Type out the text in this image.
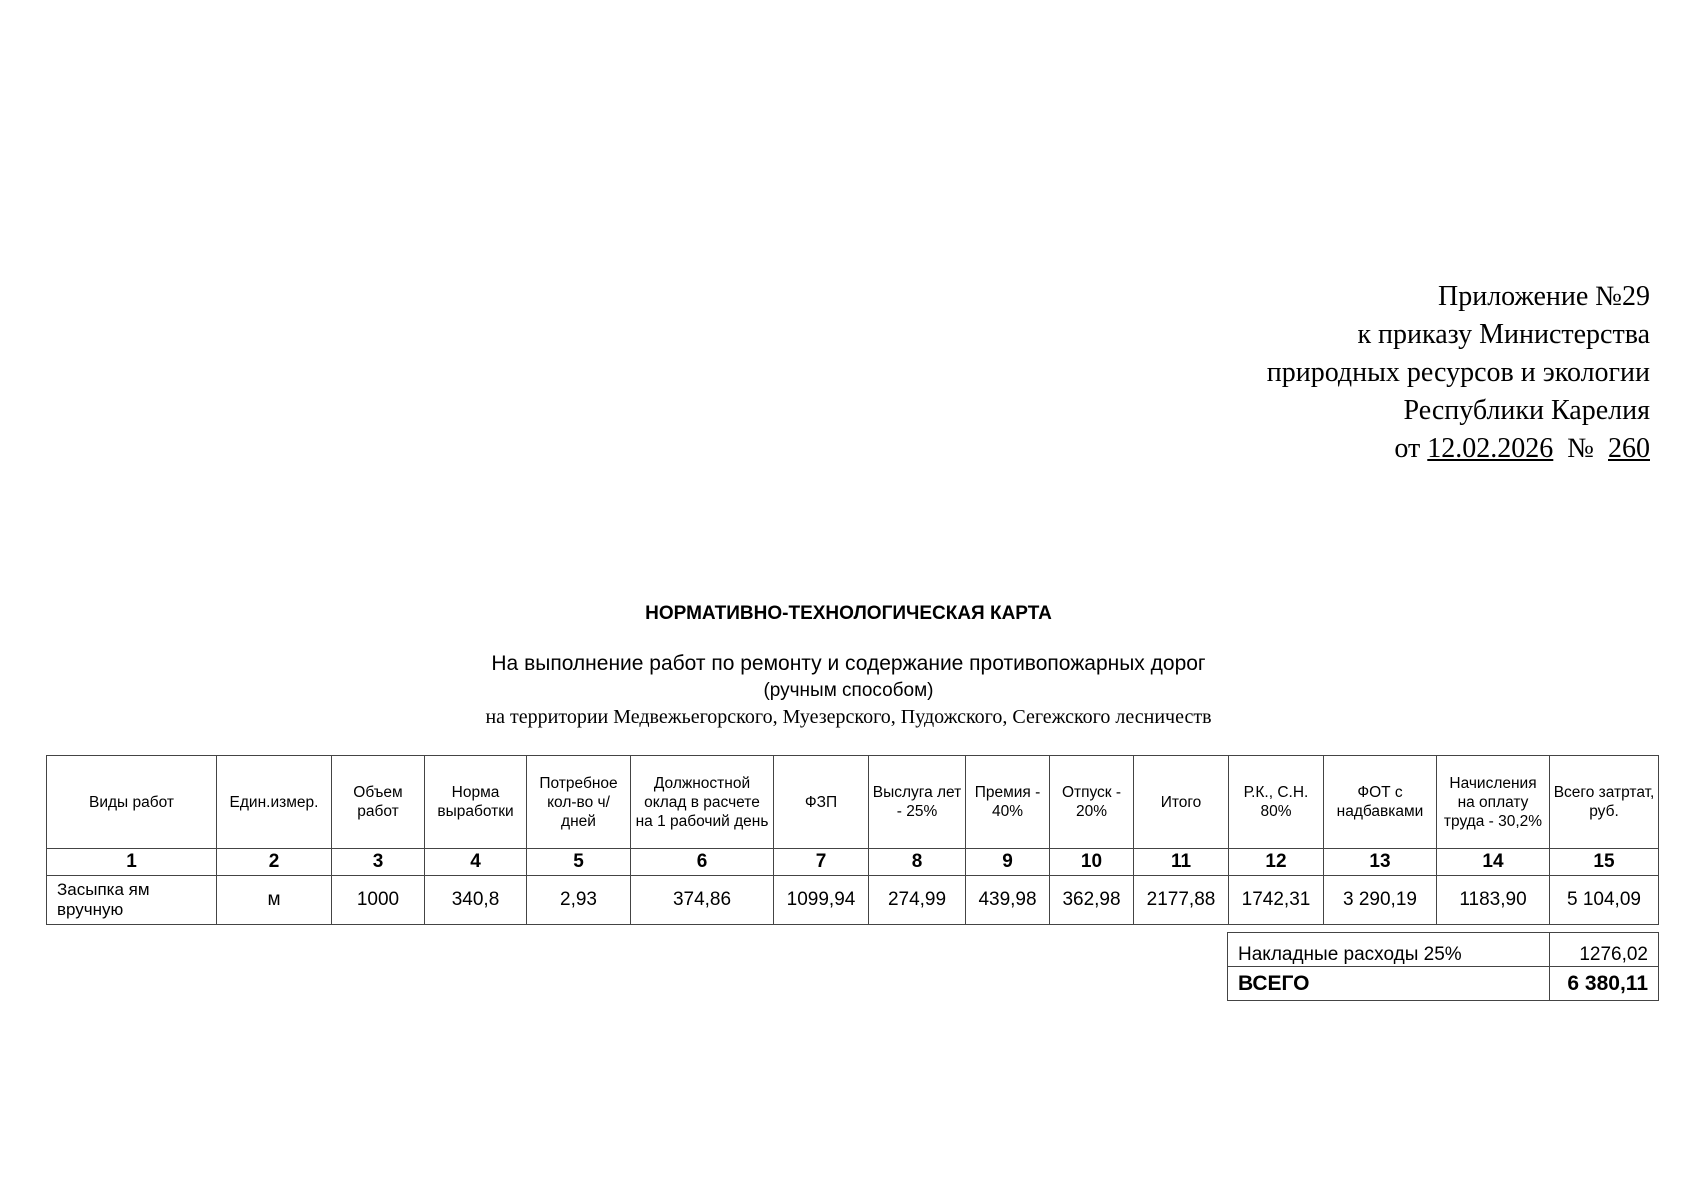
Приложение №29
к приказу Министерства
природных ресурсов и экологии
Республики Карелия
от 12.02.2026 № 260
НОРМАТИВНО-ТЕХНОЛОГИЧЕСКАЯ КАРТА
На выполнение работ по ремонту и содержание противопожарных дорог
(ручным способом)
на территории Медвежьегорского, Муезерского, Пудожского, Сегежского лесничеств
Виды работ	Един.измер.	Объем работ	Норма выработки	Потребное кол-во ч/дней	Должностной оклад в расчете на 1 рабочий день	ФЗП	Выслуга лет - 25%	Премия - 40%	Отпуск - 20%	Итого	Р.К., С.Н. 80%	ФОТ с надбавками	Начисления на оплату труда - 30,2%	Всего затртат, руб.
1	2	3	4	5	6	7	8	9	10	11	12	13	14	15
Засыпка ям вручную	м	1000	340,8	2,93	374,86	1099,94	274,99	439,98	362,98	2177,88	1742,31	3 290,19	1183,90	5 104,09
Накладные расходы 25%	1276,02
ВСЕГО	6 380,11
